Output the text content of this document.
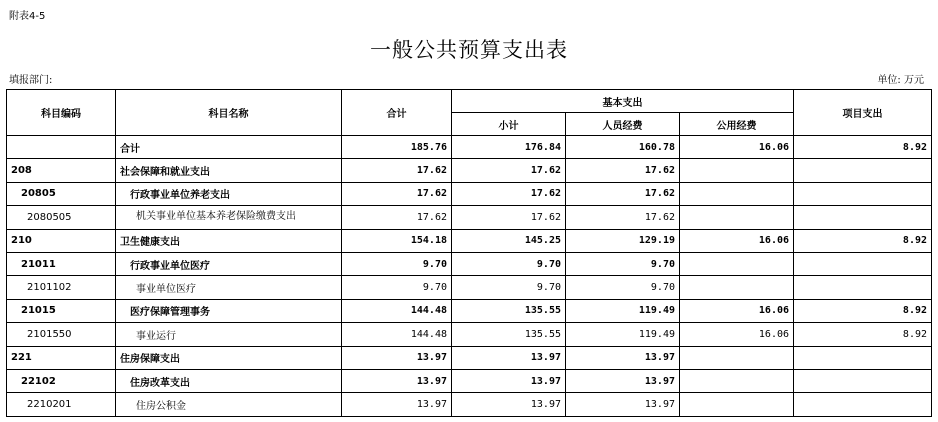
附表4-5
一般公共预算支出表
填报部门:	单位: 万元
科目编码	科目名称	合计	基本支出			项目支出
			小计	人员经费	公用经费	
	合计	185.76	176.84	160.78	16.06	8.92
208	社会保障和就业支出	17.62	17.62	17.62		
20805	行政事业单位养老支出	17.62	17.62	17.62		
2080505	机关事业单位基本养老保险缴费支出	17.62	17.62	17.62		
210	卫生健康支出	154.18	145.25	129.19	16.06	8.92
21011	行政事业单位医疗	9.70	9.70	9.70		
2101102	事业单位医疗	9.70	9.70	9.70		
21015	医疗保障管理事务	144.48	135.55	119.49	16.06	8.92
2101550	事业运行	144.48	135.55	119.49	16.06	8.92
221	住房保障支出	13.97	13.97	13.97		
22102	住房改革支出	13.97	13.97	13.97		
2210201	住房公积金	13.97	13.97	13.97		
